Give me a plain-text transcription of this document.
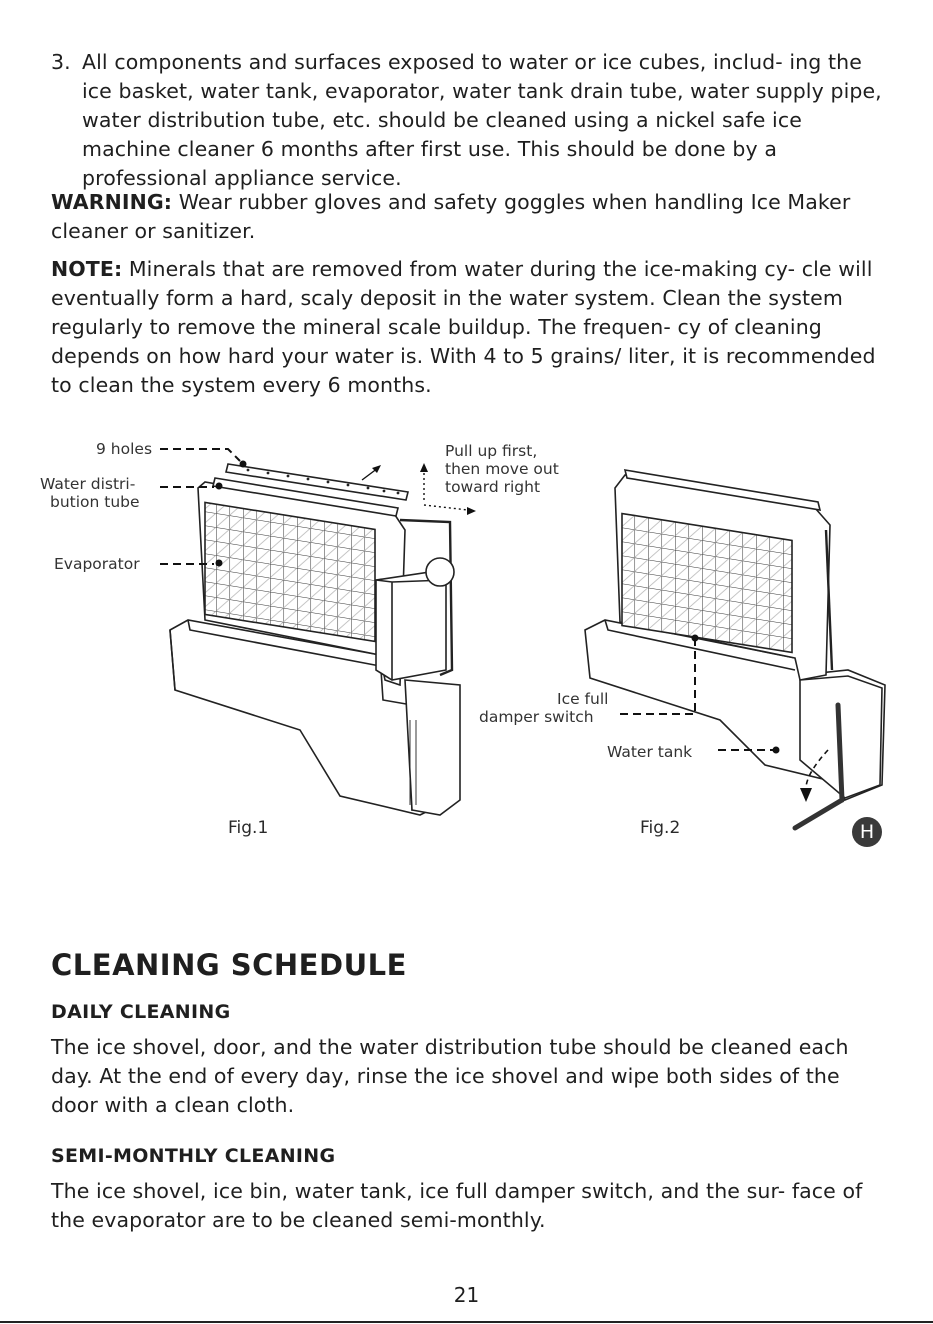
3. All components and surfaces exposed to water or ice cubes, includ- ing the ice basket, water tank, evaporator, water tank drain tube, water supply pipe, water distribution tube, etc. should be cleaned using a nickel safe ice machine cleaner 6 months after first use. This should be done by a professional appliance service.
WARNING: Wear rubber gloves and safety goggles when handling Ice Maker cleaner or sanitizer.
NOTE: Minerals that are removed from water during the ice-making cy- cle will eventually form a hard, scaly deposit in the water system. Clean the system regularly to remove the mineral scale buildup. The frequen- cy of cleaning depends on how hard your water is. With 4 to 5 grains/ liter, it is recommended to clean the system every 6 months.
9 holes
Water distri-
bution tube
Evaporator
Pull up first,
then move out
toward right
Ice full
damper switch
Water tank
Fig.1	Fig.2	H
CLEANING SCHEDULE
DAILY CLEANING
The ice shovel, door, and the water distribution tube should be cleaned each day. At the end of every day, rinse the ice shovel and wipe both sides of the door with a clean cloth.
SEMI-MONTHLY CLEANING
The ice shovel, ice bin, water tank, ice full damper switch, and the sur- face of the evaporator are to be cleaned semi-monthly.
21
